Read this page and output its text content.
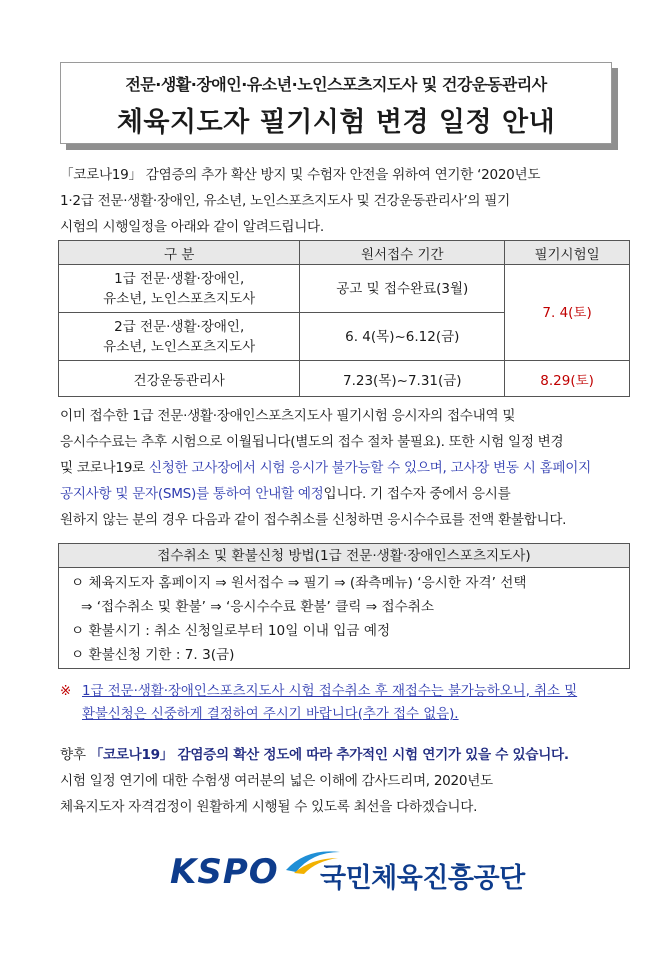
전문·생활·장애인·유소년·노인스포츠지도사 및 건강운동관리사
체육지도자 필기시험 변경 일정 안내
「코로나19」 감염증의 추가 확산 방지 및 수험자 안전을 위하여 연기한 ‘2020년도
1·2급 전문·생활·장애인, 유소년, 노인스포츠지도사 및 건강운동관리사’의 필기
시험의 시행일정을 아래와 같이 알려드립니다.
구 분	원서접수 기간	필기시험일

1급 전문·생활·장애인,
유소년, 노인스포츠지도사	공고 및 접수완료(3월)	7. 4(토)

2급 전문·생활·장애인,
유소년, 노인스포츠지도사	6. 4(목)~6.12(금)	
건강운동관리사	7.23(목)~7.31(금)	8.29(토)
이미 접수한 1급 전문·생활·장애인스포츠지도사 필기시험 응시자의 접수내역 및
응시수수료는 추후 시험으로 이월됩니다(별도의 접수 절차 불필요). 또한 시험 일정 변경
및 코로나19로 신청한 고사장에서 시험 응시가 불가능할 수 있으며, 고사장 변동 시 홈페이지
공지사항 및 문자(SMS)를 통하여 안내할 예정입니다. 기 접수자 중에서 응시를
원하지 않는 분의 경우 다음과 같이 접수취소를 신청하면 응시수수료를 전액 환불합니다.
접수취소 및 환불신청 방법(1급 전문·생활·장애인스포츠지도사)
ㅇ 체육지도자 홈페이지 ⇒ 원서접수 ⇒ 필기 ⇒ (좌측메뉴) ‘응시한 자격’ 선택
⇒ ‘접수취소 및 환불’ ⇒ ‘응시수수료 환불’ 클릭 ⇒ 접수취소
ㅇ 환불시기 : 취소 신청일로부터 10일 이내 입금 예정
ㅇ 환불신청 기한 : 7. 3(금)
※ 1급 전문·생활·장애인스포츠지도사 시험 접수취소 후 재접수는 불가능하오니, 취소 및
환불신청은 신중하게 결정하여 주시기 바랍니다(추가 접수 없음).
향후 「코로나19」 감염증의 확산 정도에 따라 추가적인 시험 연기가 있을 수 있습니다.
시험 일정 연기에 대한 수험생 여러분의 넓은 이해에 감사드리며, 2020년도
체육지도자 자격검정이 원활하게 시행될 수 있도록 최선을 다하겠습니다.
KSPO 국민체육진흥공단
